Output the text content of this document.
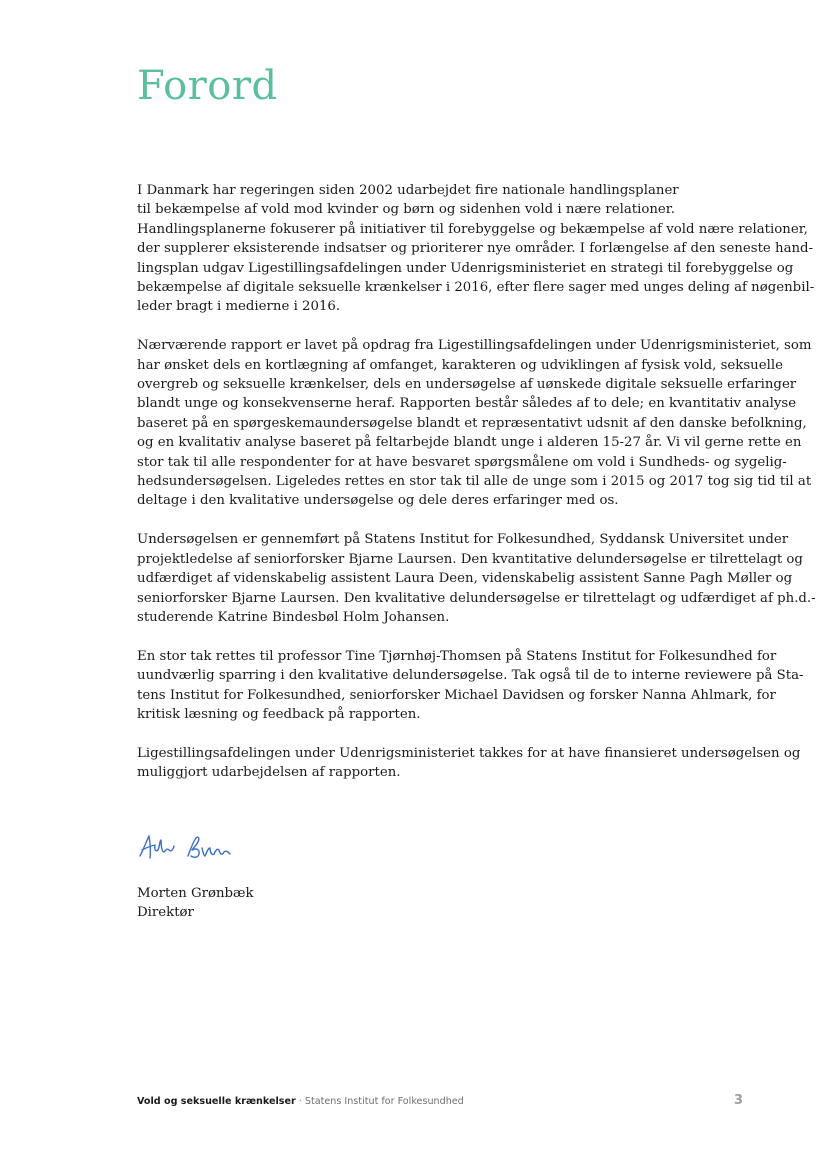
Forord

I Danmark har regeringen siden 2002 udarbejdet fire nationale handlingsplaner
til bekæmpelse af vold mod kvinder og børn og sidenhen vold i nære relationer.
Handlingsplanerne fokuserer på initiativer til forebyggelse og bekæmpelse af vold nære relationer,
der supplerer eksisterende indsatser og prioriterer nye områder. I forlængelse af den seneste hand-
lingsplan udgav Ligestillingsafdelingen under Udenrigsministeriet en strategi til forebyggelse og
bekæmpelse af digitale seksuelle krænkelser i 2016, efter flere sager med unges deling af nøgenbil-
leder bragt i medierne i 2016.

Nærværende rapport er lavet på opdrag fra Ligestillingsafdelingen under Udenrigsministeriet, som
har ønsket dels en kortlægning af omfanget, karakteren og udviklingen af fysisk vold, seksuelle
overgreb og seksuelle krænkelser, dels en undersøgelse af uønskede digitale seksuelle erfaringer
blandt unge og konsekvenserne heraf. Rapporten består således af to dele; en kvantitativ analyse
baseret på en spørgeskemaundersøgelse blandt et repræsentativt udsnit af den danske befolkning,
og en kvalitativ analyse baseret på feltarbejde blandt unge i alderen 15-27 år. Vi vil gerne rette en
stor tak til alle respondenter for at have besvaret spørgsmålene om vold i Sundheds- og sygelig-
hedsundersøgelsen. Ligeledes rettes en stor tak til alle de unge som i 2015 og 2017 tog sig tid til at
deltage i den kvalitative undersøgelse og dele deres erfaringer med os.

Undersøgelsen er gennemført på Statens Institut for Folkesundhed, Syddansk Universitet under
projektledelse af seniorforsker Bjarne Laursen. Den kvantitative delundersøgelse er tilrettelagt og
udfærdiget af videnskabelig assistent Laura Deen, videnskabelig assistent Sanne Pagh Møller og
seniorforsker Bjarne Laursen. Den kvalitative delundersøgelse er tilrettelagt og udfærdiget af ph.d.-
studerende Katrine Bindesbøl Holm Johansen.

En stor tak rettes til professor Tine Tjørnhøj-Thomsen på Statens Institut for Folkesundhed for
uundværlig sparring i den kvalitative delundersøgelse. Tak også til de to interne reviewere på Sta-
tens Institut for Folkesundhed, seniorforsker Michael Davidsen og forsker Nanna Ahlmark, for
kritisk læsning og feedback på rapporten.

Ligestillingsafdelingen under Udenrigsministeriet takkes for at have finansieret undersøgelsen og
muliggjort udarbejdelsen af rapporten.

Morten Grønbæk
Direktør
Vold og seksuelle krænkelser · Statens Institut for Folkesundhed	3
